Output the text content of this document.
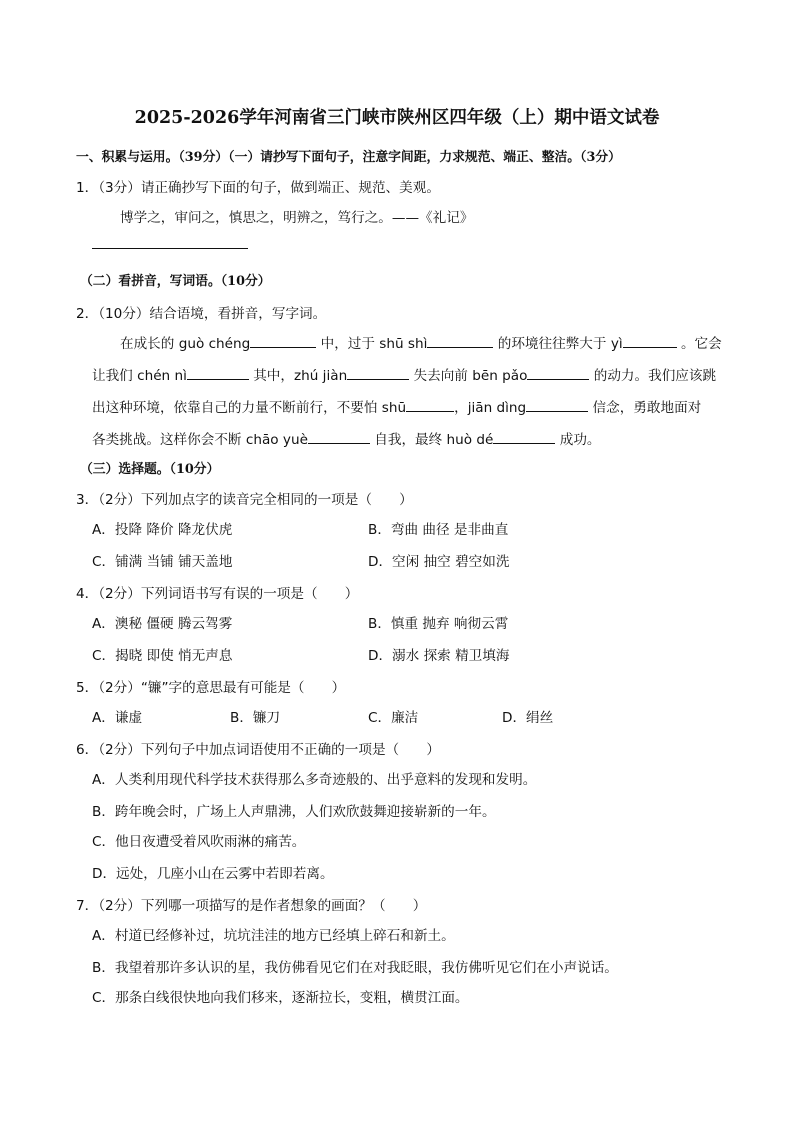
2025-2026学年河南省三门峡市陕州区四年级（上）期中语文试卷
一、积累与运用。（39分）（一）请抄写下面句子，注意字间距，力求规范、端正、整洁。（3分）
1．（3分）请正确抄写下面的句子，做到端正、规范、美观。
博学之，审问之，慎思之，明辨之，笃行之。——《礼记》
（二）看拼音，写词语。（10分）
2．（10分）结合语境，看拼音，写字词。
在成长的 guò chéng	中，过于 shū shì	的环境往往弊大于 yì	。它会
让我们 chén nì	其中，zhú jiàn	失去向前 bēn pǎo	的动力。我们应该跳
出这种环境，依靠自己的力量不断前行，不要怕 shū	，jiān dìng	信念，勇敢地面对
各类挑战。这样你会不断 chāo yuè	自我，最终 huò dé	成功。
（三）选择题。（10分）
3．（2分）下列加点字的读音完全相同的一项是（　　）
A．投降 降价 降龙伏虎	B．弯曲 曲径 是非曲直
C．铺满 当铺 铺天盖地	D．空闲 抽空 碧空如洗
4．（2分）下列词语书写有误的一项是（　　）
A．澳秘 僵硬 腾云驾雾	B．慎重 抛弃 响彻云霄
C．揭晓 即使 悄无声息	D．溺水 探索 精卫填海
5．（2分）“镰”字的意思最有可能是（　　）
A．谦虚	B．镰刀	C．廉洁	D．绢丝
6．（2分）下列句子中加点词语使用不正确的一项是（　　）
A．人类利用现代科学技术获得那么多奇迹般的、出乎意料的发现和发明。
B．跨年晚会时，广场上人声鼎沸，人们欢欣鼓舞迎接崭新的一年。
C．他日夜遭受着风吹雨淋的痛苦。
D．远处，几座小山在云雾中若即若离。
7．（2分）下列哪一项描写的是作者想象的画面？（　　）
A．村道已经修补过，坑坑洼洼的地方已经填上碎石和新土。
B．我望着那许多认识的星，我仿佛看见它们在对我眨眼，我仿佛听见它们在小声说话。
C．那条白线很快地向我们移来，逐渐拉长，变粗，横贯江面。
